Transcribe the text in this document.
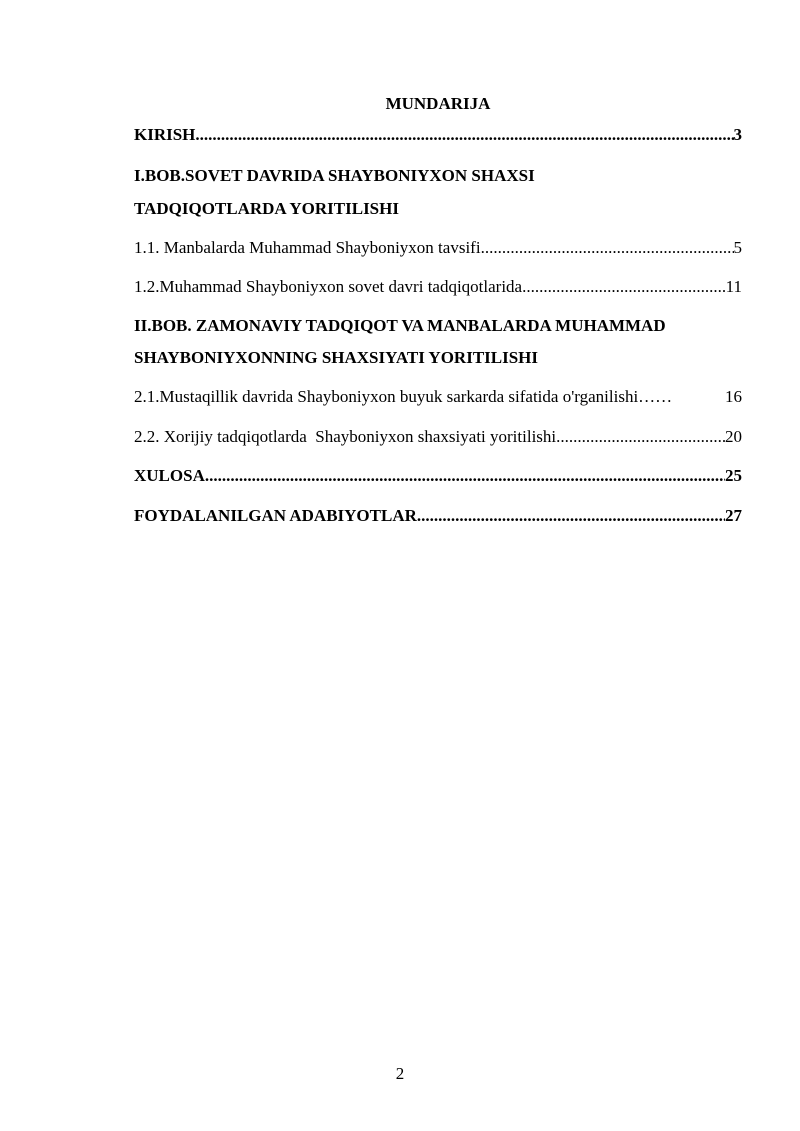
MUNDARIJA
KIRISH .....	3
I.BOB.SOVET DAVRIDA SHAYBONIYXON SHAXSI
TADQIQOTLARDA YORITILISHI
1.1. Manbalarda Muhammad Shayboniyxon tavsifi .....	5
1.2.Muhammad Shayboniyxon sovet davri tadqiqotlarida .....	11
II.BOB. ZAMONAVIY TADQIQOT VA MANBALARDA MUHAMMAD
SHAYBONIYXONNING SHAXSIYATI YORITILISHI
2.1.Mustaqillik davrida Shayboniyxon buyuk sarkarda sifatida o'rganilishi……	16
2.2. Xorijiy tadqiqotlarda  Shayboniyxon shaxsiyati yoritilishi .....	20
XULOSA .....	25
FOYDALANILGAN ADABIYOTLAR .....	27
2
